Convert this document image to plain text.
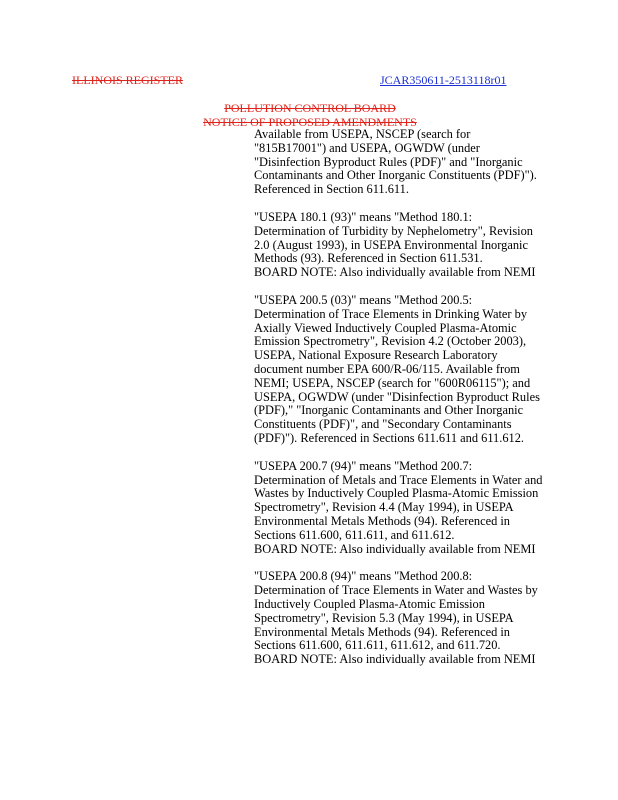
ILLINOIS REGISTER	JCAR350611-2513118r01
POLLUTION CONTROL BOARD
NOTICE OF PROPOSED AMENDMENTS

Available from USEPA, NSCEP (search for

"815B17001") and USEPA, OGWDW (under

"Disinfection Byproduct Rules (PDF)" and "Inorganic

Contaminants and Other Inorganic Constituents (PDF)").

Referenced in Section 611.611.

"USEPA 180.1 (93)" means "Method 180.1:

Determination of Turbidity by Nephelometry", Revision

2.0 (August 1993), in USEPA Environmental Inorganic

Methods (93). Referenced in Section 611.531.

BOARD NOTE: Also individually available from NEMI

"USEPA 200.5 (03)" means "Method 200.5:

Determination of Trace Elements in Drinking Water by

Axially Viewed Inductively Coupled Plasma-Atomic

Emission Spectrometry", Revision 4.2 (October 2003),

USEPA, National Exposure Research Laboratory

document number EPA 600/R-06/115. Available from

NEMI; USEPA, NSCEP (search for "600R06115"); and

USEPA, OGWDW (under "Disinfection Byproduct Rules

(PDF)," "Inorganic Contaminants and Other Inorganic

Constituents (PDF)", and "Secondary Contaminants

(PDF)"). Referenced in Sections 611.611 and 611.612.

"USEPA 200.7 (94)" means "Method 200.7:

Determination of Metals and Trace Elements in Water and

Wastes by Inductively Coupled Plasma-Atomic Emission

Spectrometry", Revision 4.4 (May 1994), in USEPA

Environmental Metals Methods (94). Referenced in

Sections 611.600, 611.611, and 611.612.

BOARD NOTE: Also individually available from NEMI

"USEPA 200.8 (94)" means "Method 200.8:

Determination of Trace Elements in Water and Wastes by

Inductively Coupled Plasma-Atomic Emission

Spectrometry", Revision 5.3 (May 1994), in USEPA

Environmental Metals Methods (94). Referenced in

Sections 611.600, 611.611, 611.612, and 611.720.

BOARD NOTE: Also individually available from NEMI
